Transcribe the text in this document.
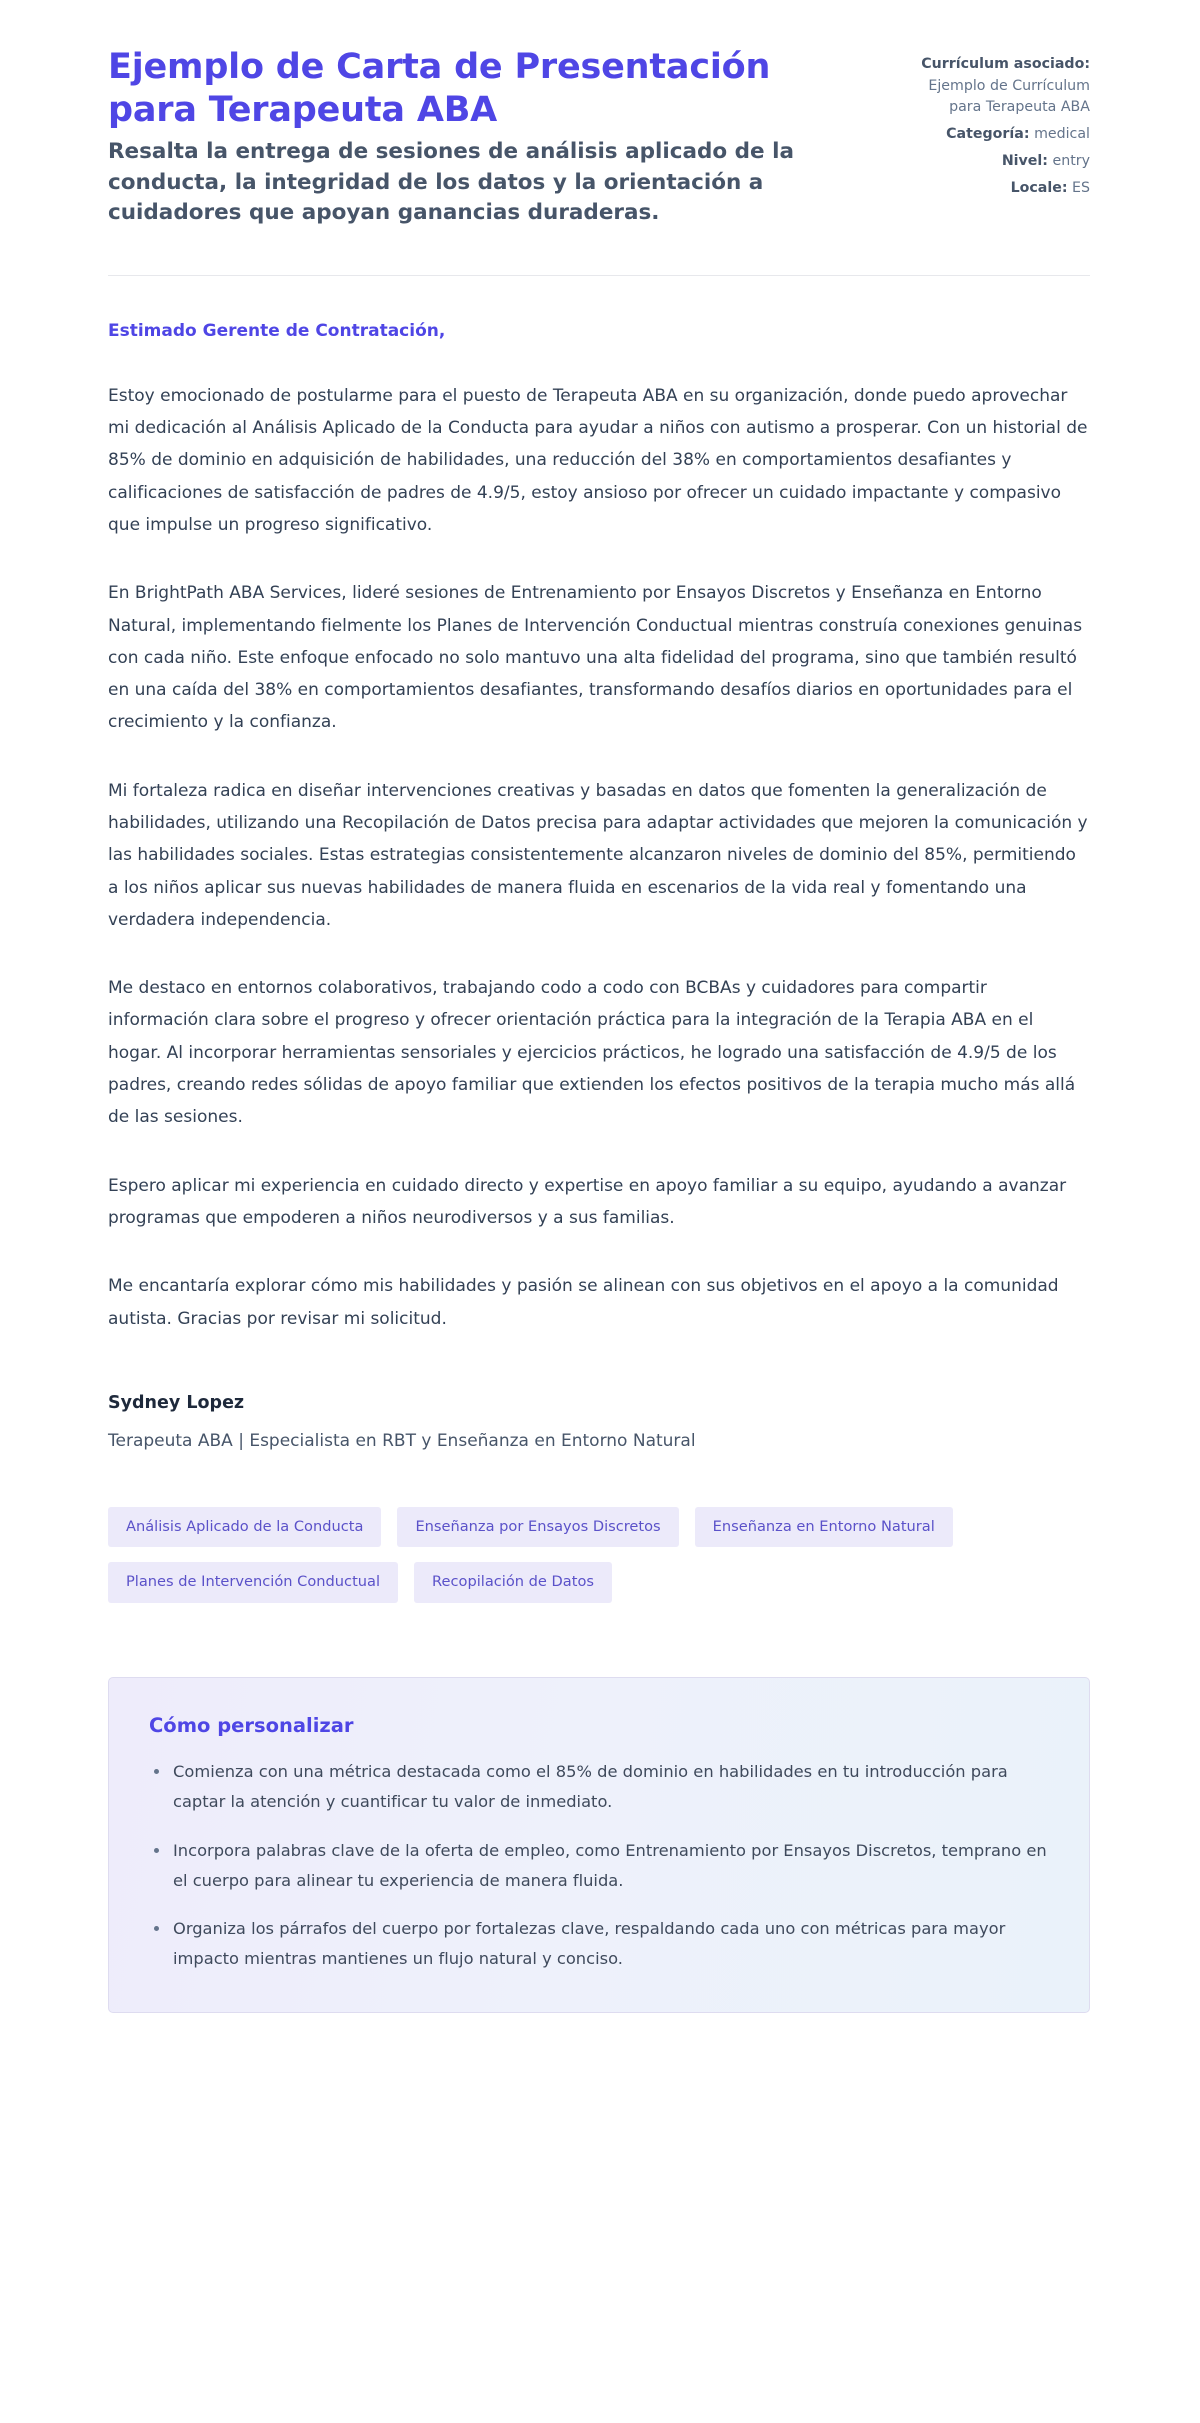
Ejemplo de Carta de Presentación para Terapeuta ABA

Resalta la entrega de sesiones de análisis aplicado de la conducta, la integridad de los datos y la orientación a cuidadores que apoyan ganancias duraderas.

Currículum asociado: Ejemplo de Currículum para Terapeuta ABA
Categoría: medical
Nivel: entry
Locale: ES

Estimado Gerente de Contratación,

Estoy emocionado de postularme para el puesto de Terapeuta ABA en su organización, donde puedo aprovechar mi dedicación al Análisis Aplicado de la Conducta para ayudar a niños con autismo a prosperar. Con un historial de 85% de dominio en adquisición de habilidades, una reducción del 38% en comportamientos desafiantes y calificaciones de satisfacción de padres de 4.9/5, estoy ansioso por ofrecer un cuidado impactante y compasivo que impulse un progreso significativo.

En BrightPath ABA Services, lideré sesiones de Entrenamiento por Ensayos Discretos y Enseñanza en Entorno Natural, implementando fielmente los Planes de Intervención Conductual mientras construía conexiones genuinas con cada niño. Este enfoque enfocado no solo mantuvo una alta fidelidad del programa, sino que también resultó en una caída del 38% en comportamientos desafiantes, transformando desafíos diarios en oportunidades para el crecimiento y la confianza.

Mi fortaleza radica en diseñar intervenciones creativas y basadas en datos que fomenten la generalización de habilidades, utilizando una Recopilación de Datos precisa para adaptar actividades que mejoren la comunicación y las habilidades sociales. Estas estrategias consistentemente alcanzaron niveles de dominio del 85%, permitiendo a los niños aplicar sus nuevas habilidades de manera fluida en escenarios de la vida real y fomentando una verdadera independencia.

Me destaco en entornos colaborativos, trabajando codo a codo con BCBAs y cuidadores para compartir información clara sobre el progreso y ofrecer orientación práctica para la integración de la Terapia ABA en el hogar. Al incorporar herramientas sensoriales y ejercicios prácticos, he logrado una satisfacción de 4.9/5 de los padres, creando redes sólidas de apoyo familiar que extienden los efectos positivos de la terapia mucho más allá de las sesiones.

Espero aplicar mi experiencia en cuidado directo y expertise en apoyo familiar a su equipo, ayudando a avanzar programas que empoderen a niños neurodiversos y a sus familias.

Me encantaría explorar cómo mis habilidades y pasión se alinean con sus objetivos en el apoyo a la comunidad autista. Gracias por revisar mi solicitud.

Sydney Lopez

Terapeuta ABA | Especialista en RBT y Enseñanza en Entorno Natural

Análisis Aplicado de la Conducta	Enseñanza por Ensayos Discretos	Enseñanza en Entorno Natural
Planes de Intervención Conductual	Recopilación de Datos
Cómo personalizar
Comienza con una métrica destacada como el 85% de dominio en habilidades en tu introducción para captar la atención y cuantificar tu valor de inmediato.
Incorpora palabras clave de la oferta de empleo, como Entrenamiento por Ensayos Discretos, temprano en el cuerpo para alinear tu experiencia de manera fluida.
Organiza los párrafos del cuerpo por fortalezas clave, respaldando cada uno con métricas para mayor impacto mientras mantienes un flujo natural y conciso.
